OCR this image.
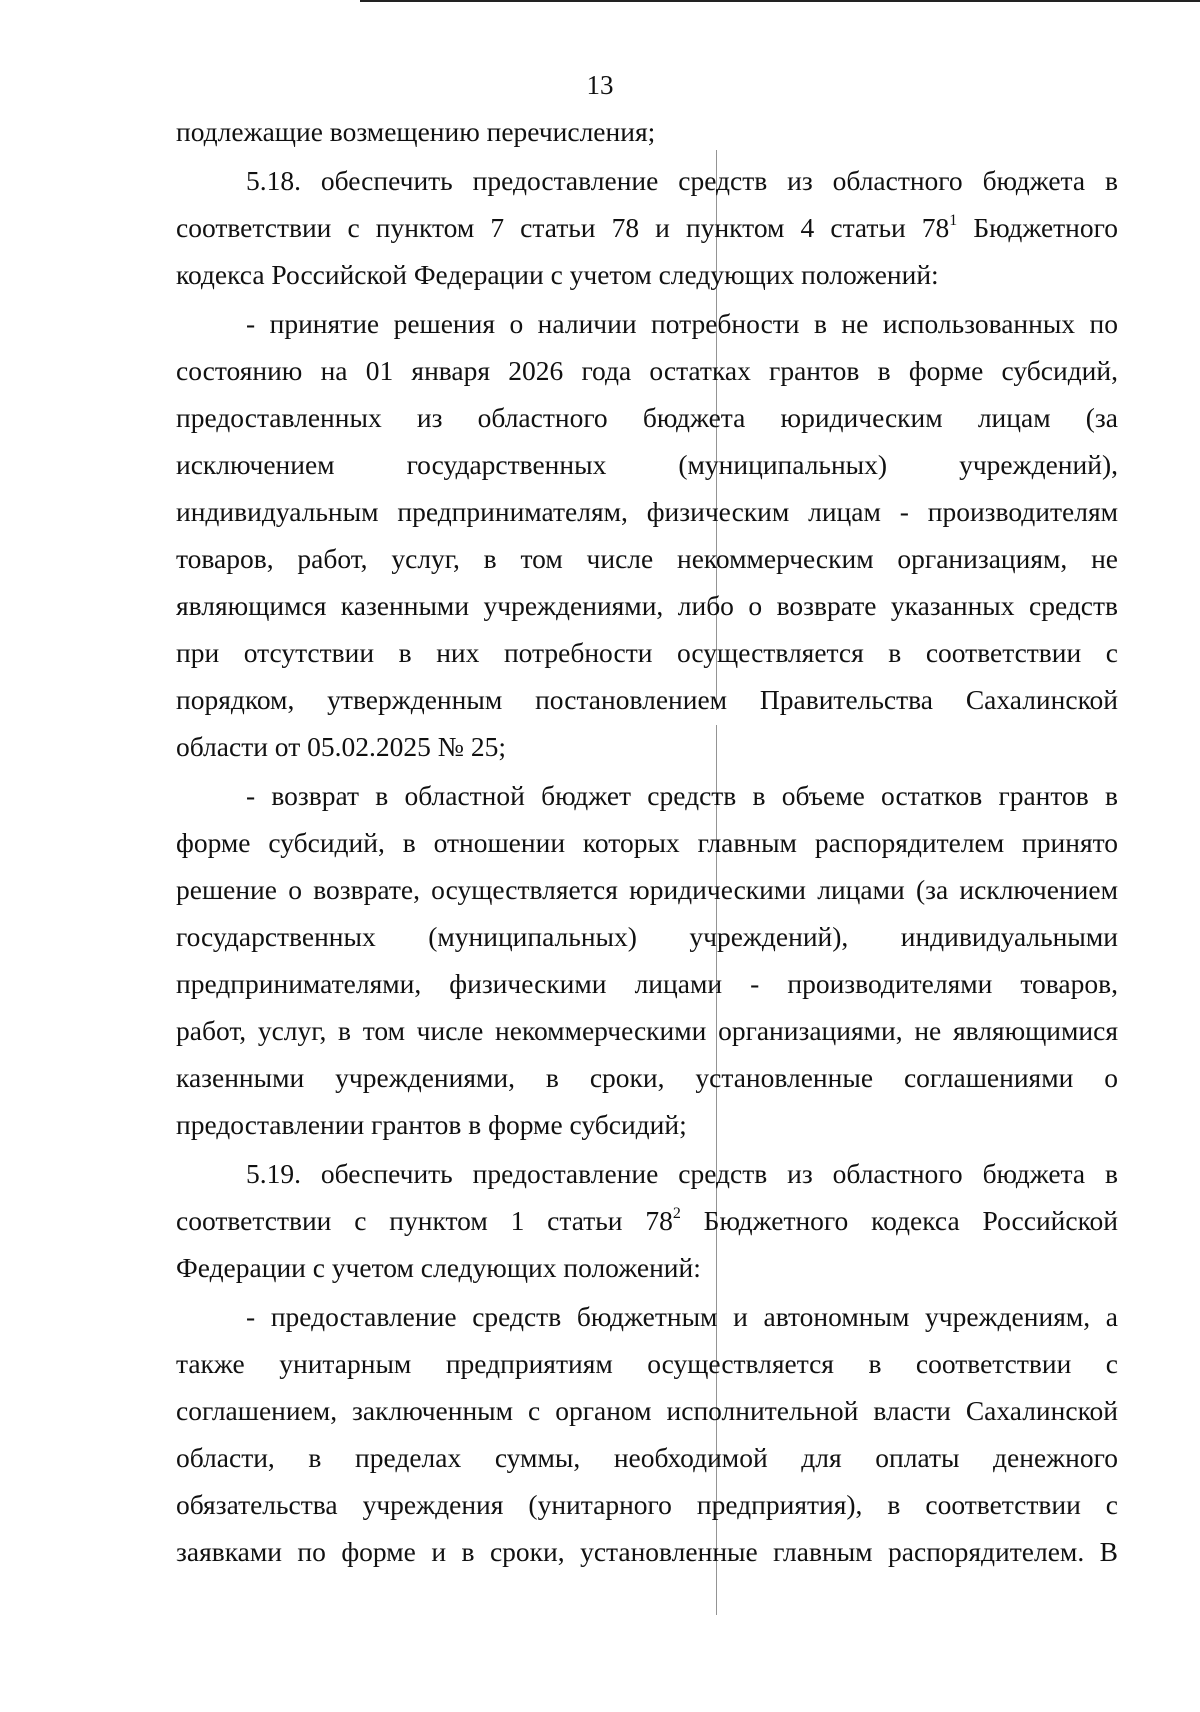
13
подлежащие возмещению перечисления;
5.18. обеспечить предоставление средств из областного бюджета в
соответствии с пунктом 7 статьи 78 и пунктом 4 статьи $78^1$ Бюджетного
кодекса Российской Федерации с учетом следующих положений:
- принятие решения о наличии потребности в не использованных по
состоянию на 01 января 2026 года остатках грантов в форме субсидий,
предоставленных из областного бюджета юридическим лицам (за
исключением государственных (муниципальных) учреждений),
индивидуальным предпринимателям, физическим лицам - производителям
товаров, работ, услуг, в том числе некоммерческим организациям, не
являющимся казенными учреждениями, либо о возврате указанных средств
при отсутствии в них потребности осуществляется в соответствии с
порядком, утвержденным постановлением Правительства Сахалинской
области от 05.02.2025 № 25;
- возврат в областной бюджет средств в объеме остатков грантов в
форме субсидий, в отношении которых главным распорядителем принято
решение о возврате, осуществляется юридическими лицами (за исключением
государственных (муниципальных) учреждений), индивидуальными
предпринимателями, физическими лицами - производителями товаров,
работ, услуг, в том числе некоммерческими организациями, не являющимися
казенными учреждениями, в сроки, установленные соглашениями о
предоставлении грантов в форме субсидий;
5.19. обеспечить предоставление средств из областного бюджета в
соответствии с пунктом 1 статьи $78^2$ Бюджетного кодекса Российской
Федерации с учетом следующих положений:
- предоставление средств бюджетным и автономным учреждениям, а
также унитарным предприятиям осуществляется в соответствии с
соглашением, заключенным с органом исполнительной власти Сахалинской
области, в пределах суммы, необходимой для оплаты денежного
обязательства учреждения (унитарного предприятия), в соответствии с
заявками по форме и в сроки, установленные главным распорядителем. В
